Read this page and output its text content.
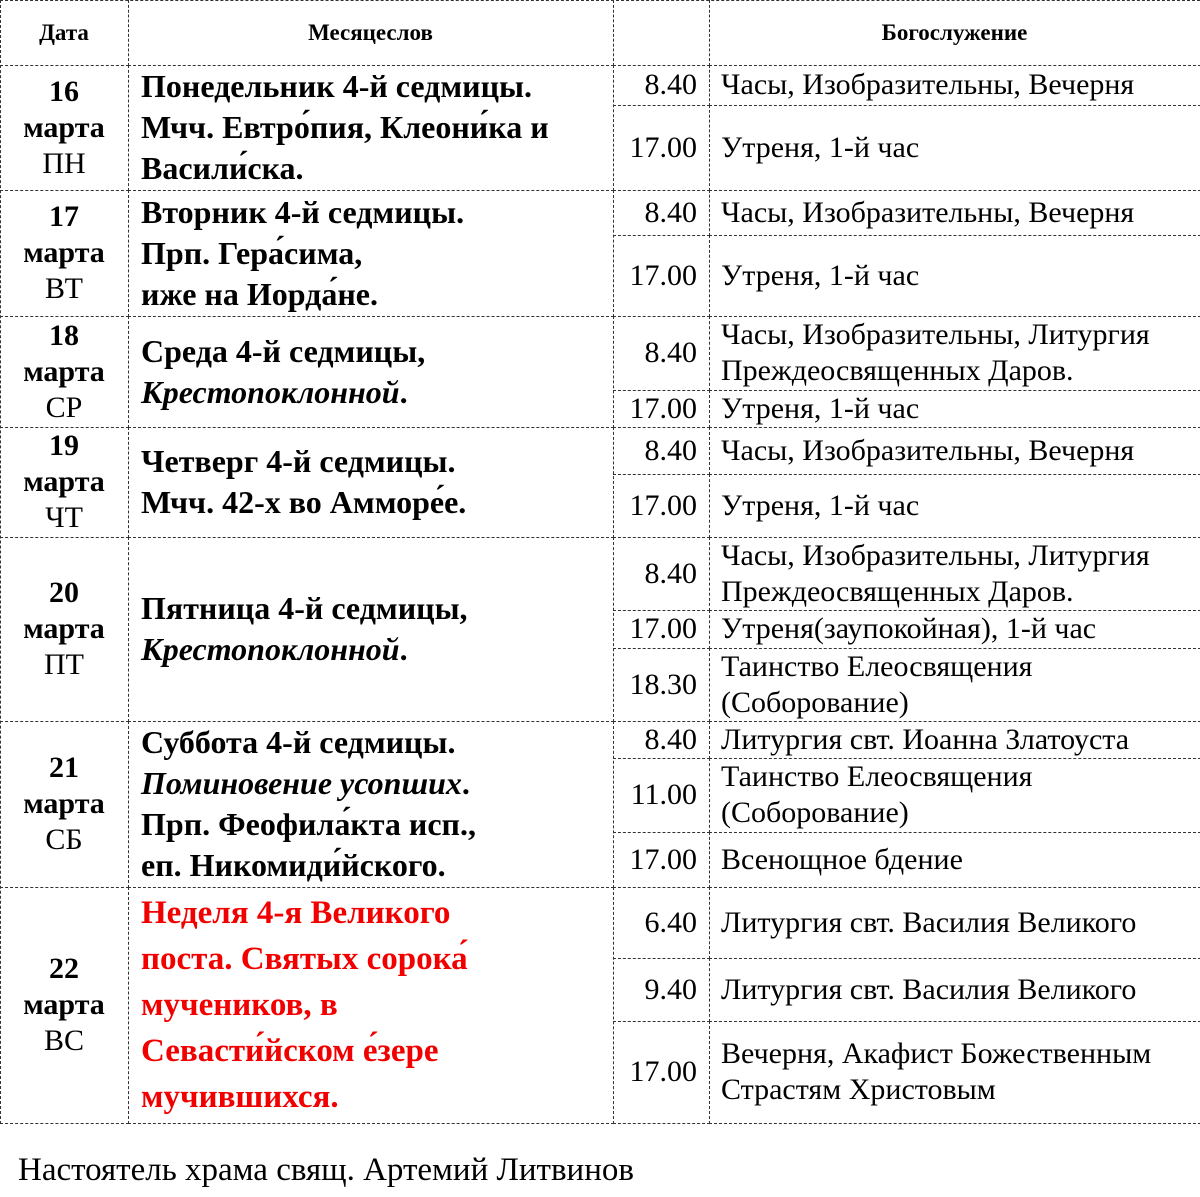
Дата	Месяцеслов	Богослужение
16
марта
ПН
Понедельник 4-й седмицы.
Мчч. Евтро́пия, Клеони́ка и
Васили́ска.
8.40 Часы, Изобразительны, Вечерня
17.00 Утреня, 1-й час
17
марта
ВТ
Вторник 4-й седмицы.
Прп. Гера́сима,
иже на Иорда́не.
8.40 Часы, Изобразительны, Вечерня
17.00 Утреня, 1-й час
18
марта
СР
Среда 4-й седмицы,
Крестопоклонной.
8.40
Часы, Изобразительны, Литургия
Преждеосвященных Даров.
17.00 Утреня, 1-й час
19
марта
ЧТ
Четверг 4-й седмицы.
Мчч. 42-х во Амморе́е.
8.40 Часы, Изобразительны, Вечерня
17.00 Утреня, 1-й час
20
марта
ПТ
Пятница 4-й седмицы,
Крестопоклонной.
8.40
Часы, Изобразительны, Литургия
Преждеосвященных Даров.
17.00 Утреня(заупокойная), 1-й час
18.30
Таинство Елеосвящения
(Соборование)
21
марта
СБ
Суббота 4-й седмицы.
Поминовение усопших.
Прп. Феофила́кта исп.,
еп. Никомиди́йского.
8.40 Литургия свт. Иоанна Златоуста
11.00
Таинство Елеосвящения
(Соборование)
17.00 Всенощное бдение
22
марта
ВС
Неделя 4-я Великого
поста. Святых сорока́
мучеников, в
Севасти́йском е́зере
мучившихся.
6.40 Литургия свт. Василия Великого
9.40 Литургия свт. Василия Великого
17.00
Вечерня, Акафист Божественным
Страстям Христовым
Настоятель храма свящ. Артемий Литвинов
